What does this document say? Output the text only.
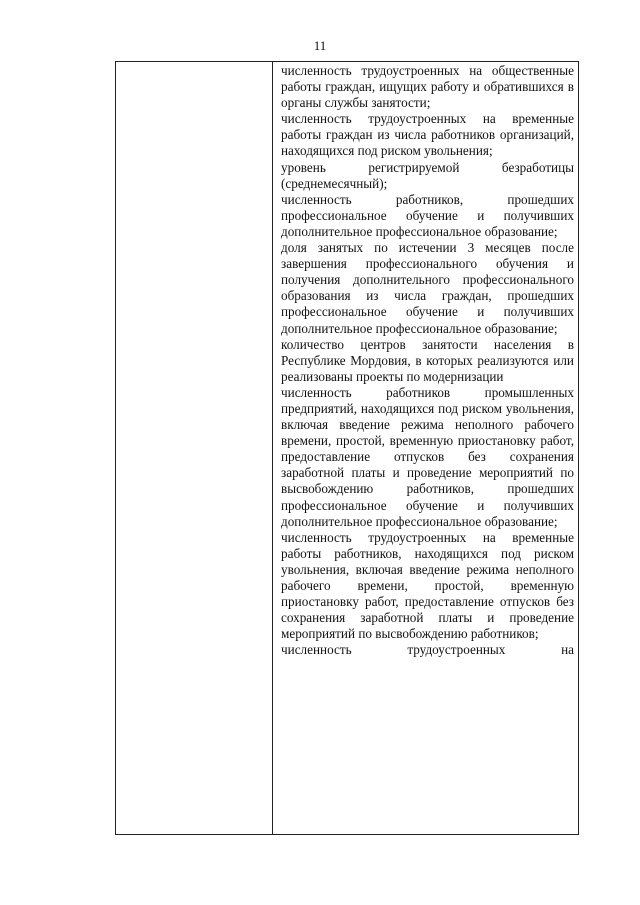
11

численность трудоустроенных на общественные работы граждан, ищущих работу и обратившихся в органы службы занятости;

численность трудоустроенных на временные работы граждан из числа работников организаций, находящихся под риском увольнения;

уровень регистрируемой безработицы (среднемесячный);

численность работников, прошедших профессиональное обучение и получивших дополнительное профессиональное образование;

доля занятых по истечении 3 месяцев после завершения профессионального обучения и получения дополнительного профессионального образования из числа граждан, прошедших профессиональное обучение и получивших дополнительное профессиональное образование;

количество центров занятости населения в Республике Мордовия, в которых реализуются или реализованы проекты по модернизации

численность работников промышленных предприятий, находящихся под риском увольнения, включая введение режима неполного рабочего времени, простой, временную приостановку работ, предоставление отпусков без сохранения заработной платы и проведение мероприятий по высвобождению работников, прошедших профессиональное обучение и получивших дополнительное профессиональное образование;

численность трудоустроенных на временные работы работников, находящихся под риском увольнения, включая введение режима неполного рабочего времени, простой, временную приостановку работ, предоставление отпусков без сохранения заработной платы и проведение мероприятий по высвобождению работников;

численность трудоустроенных на
